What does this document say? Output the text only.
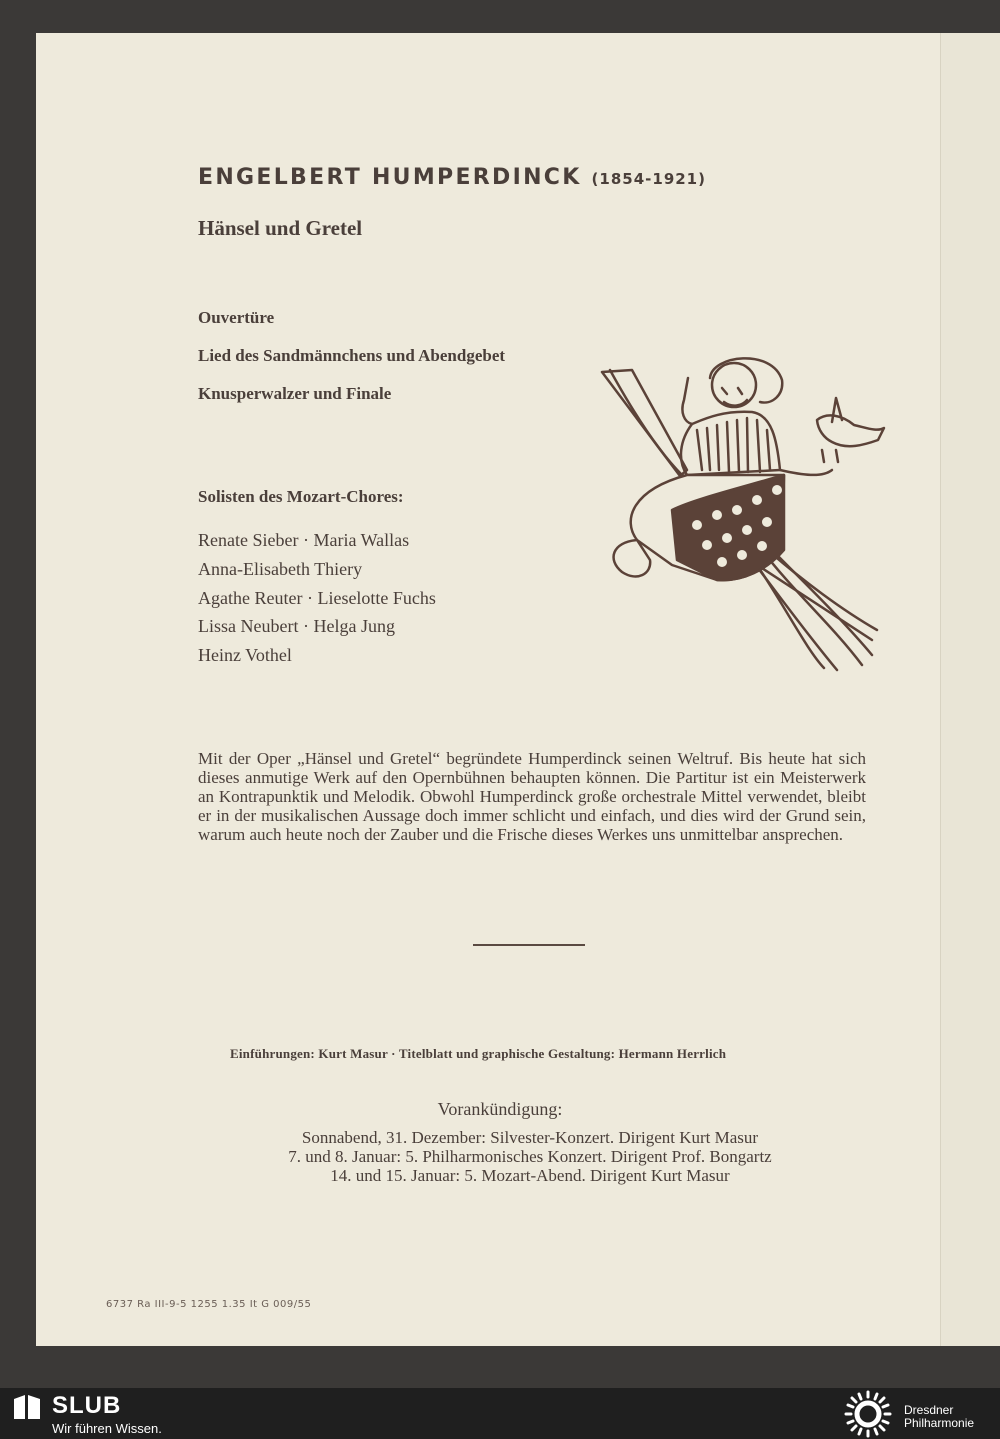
ENGELBERT HUMPERDINCK (1854-1921)
Hänsel und Gretel
Ouvertüre
Lied des Sandmännchens und Abendgebet
Knusperwalzer und Finale
Solisten des Mozart-Chores:
Renate Sieber · Maria Wallas
Anna-Elisabeth Thiery
Agathe Reuter · Lieselotte Fuchs
Lissa Neubert · Helga Jung
Heinz Vothel

Mit der Oper „Hänsel und Gretel“ begründete Humperdinck seinen Weltruf. Bis heute hat sich dieses anmutige Werk auf den Opernbühnen behaupten können. Die Partitur ist ein Meisterwerk an Kontrapunktik und Melodik. Obwohl Humperdinck große orchestrale Mittel verwendet, bleibt er in der musikalischen Aussage doch immer schlicht und einfach, und dies wird der Grund sein, warum auch heute noch der Zauber und die Frische dieses Werkes uns unmittelbar ansprechen.

Einführungen: Kurt Masur · Titelblatt und graphische Gestaltung: Hermann Herrlich
Vorankündigung:
Sonnabend, 31. Dezember: Silvester-Konzert. Dirigent Kurt Masur
7. und 8. Januar: 5. Philharmonisches Konzert. Dirigent Prof. Bongartz
14. und 15. Januar: 5. Mozart-Abend. Dirigent Kurt Masur
6737 Ra III-9-5 1255 1.35 It G 009/55
SLUB
Wir führen Wissen.
Dresdner
Philharmonie
